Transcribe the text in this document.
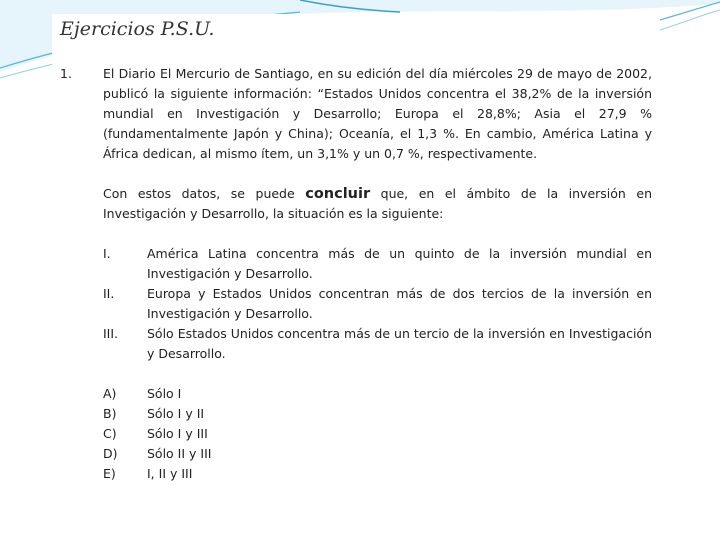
Ejercicios P.S.U.
1. El Diario El Mercurio de Santiago, en su edición del día miércoles 29 de mayo de 2002, publicó la siguiente información: “Estados Unidos concentra el 38,2% de la inversión mundial en Investigación y Desarrollo; Europa el 28,8%; Asia el 27,9 % (fundamentalmente Japón y China); Oceanía, el 1,3 %. En cambio, América Latina y África dedican, al mismo ítem, un 3,1% y un 0,7 %, respectivamente.
Con estos datos, se puede concluir que, en el ámbito de la inversión en Investigación y Desarrollo, la situación es la siguiente:
I.	América Latina concentra más de un quinto de la inversión mundial en Investigación y Desarrollo.
II.	Europa y Estados Unidos concentran más de dos tercios de la inversión en Investigación y Desarrollo.
III. Sólo Estados Unidos concentra más de un tercio de la inversión en Investigación y Desarrollo.
A) Sólo I
B) Sólo I y II
C) Sólo I y III
D) Sólo II y III
E) I, II y III
